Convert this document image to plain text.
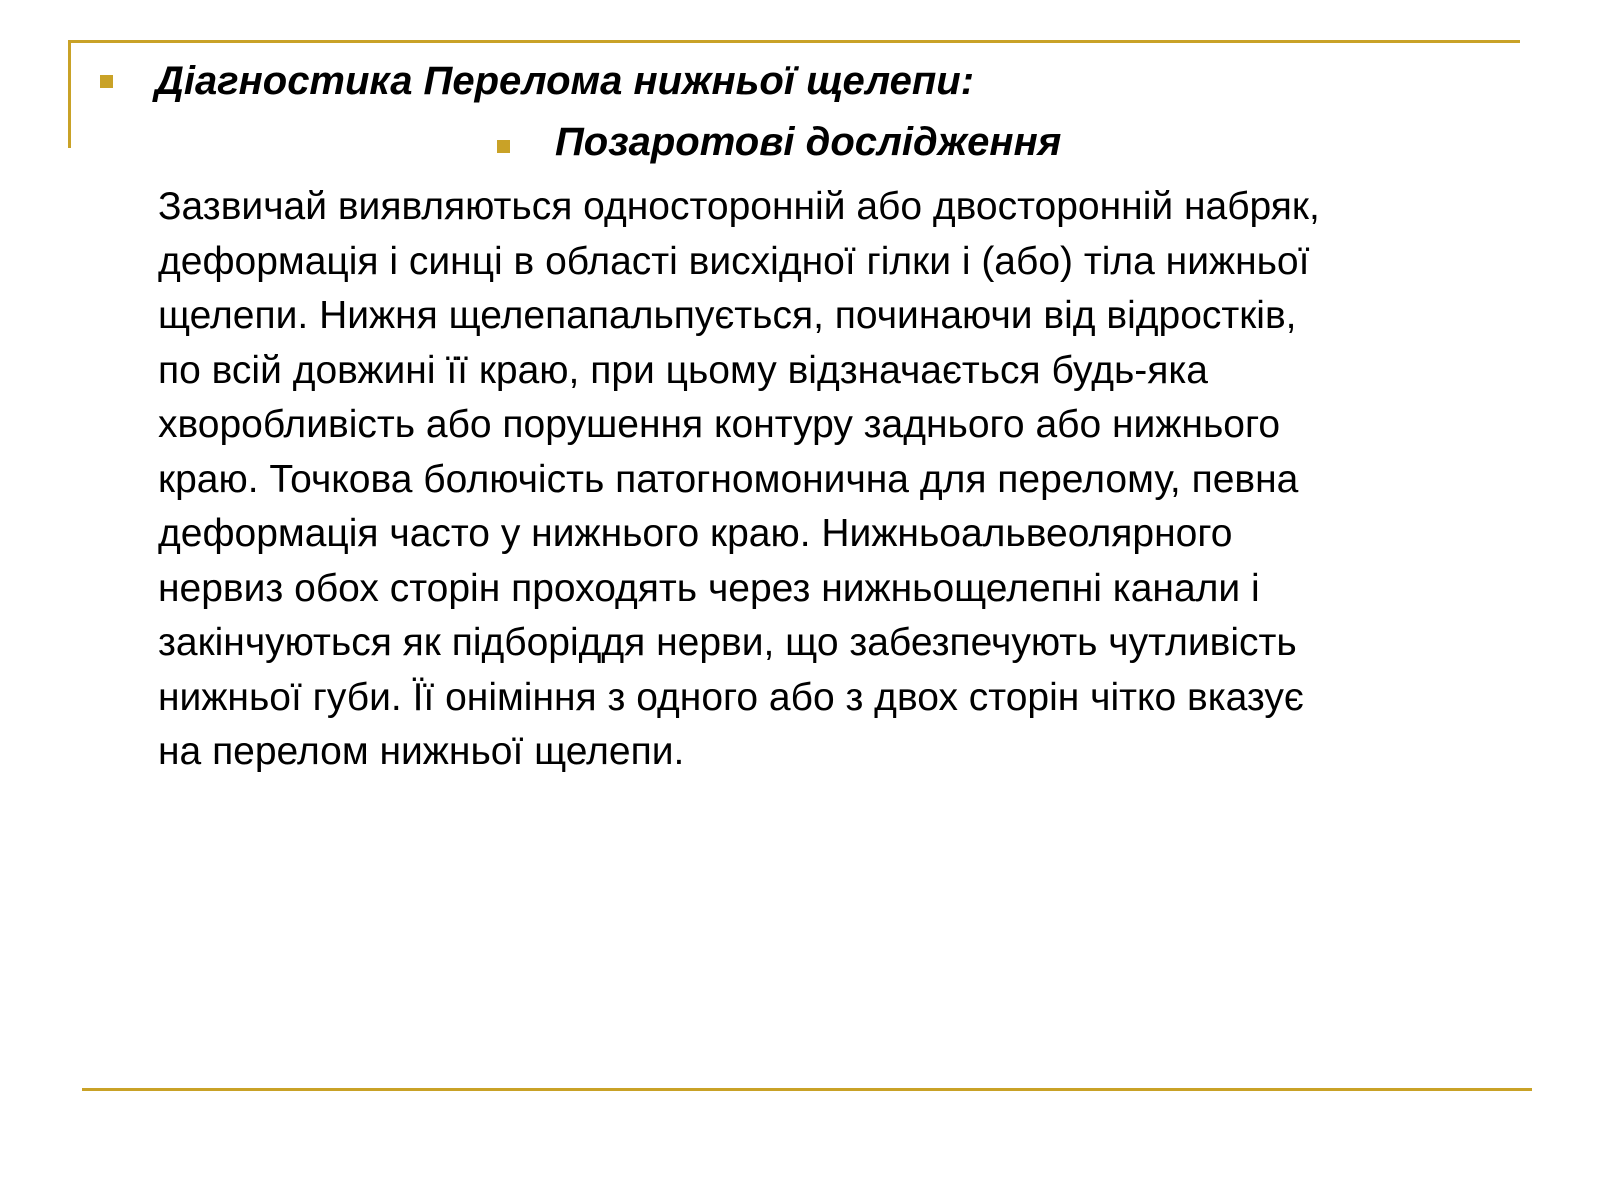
Діагностика Перелома нижньої щелепи:
Позаротові дослідження
Зазвичай виявляються односторонній або двосторонній набряк,
деформація і синці в області висхідної гілки і (або) тіла нижньої
щелепи. Нижня щелепапальпується, починаючи від відростків,
по всій довжині її краю, при цьому відзначається будь-яка
хворобливість або порушення контуру заднього або нижнього
краю. Точкова болючість патогномонична для перелому, певна
деформація часто у нижнього краю. Нижньоальвеолярного
нервиз обох сторін проходять через нижньощелепні канали і
закінчуються як підборіддя нерви, що забезпечують чутливість
нижньої губи. Її оніміння з одного або з двох сторін чітко вказує
на перелом нижньої щелепи.
